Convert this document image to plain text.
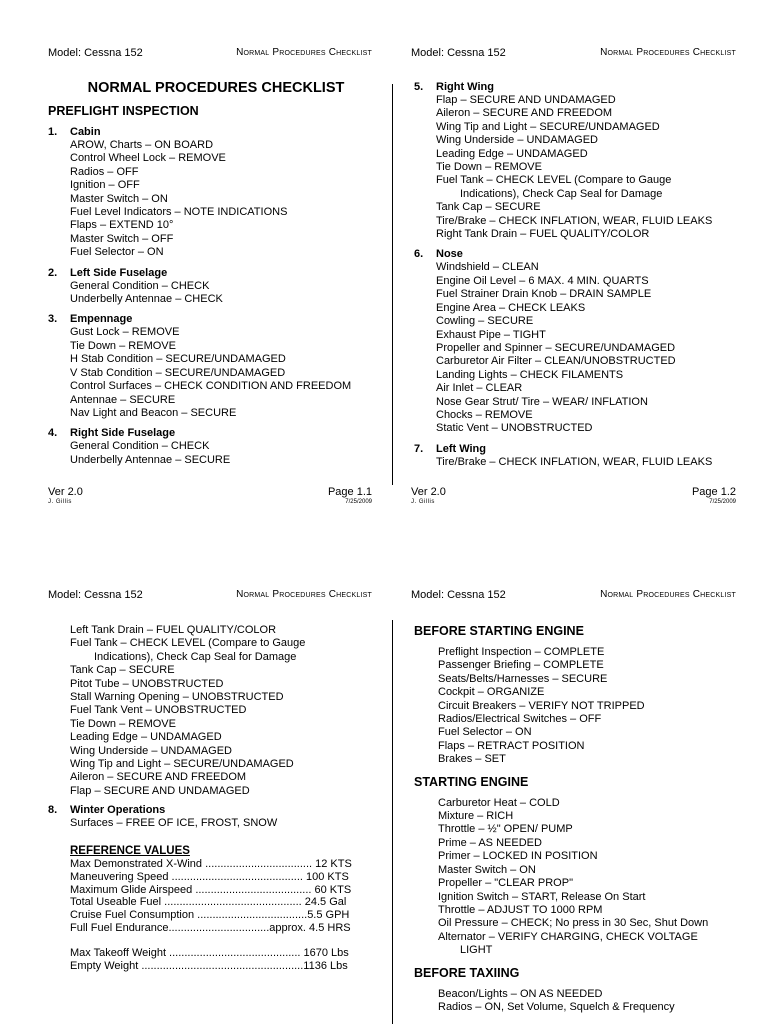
Model: Cessna 152	Normal Procedures Checklist
NORMAL PROCEDURES CHECKLIST
PREFLIGHT INSPECTION
1.	Cabin
AROW, Charts – ON BOARD
Control Wheel Lock – REMOVE
Radios – OFF
Ignition – OFF
Master Switch – ON
Fuel Level Indicators – NOTE INDICATIONS
Flaps – EXTEND 10°
Master Switch – OFF
Fuel Selector – ON
2.	Left Side Fuselage
General Condition – CHECK
Underbelly Antennae – CHECK
3.	Empennage
Gust Lock – REMOVE
Tie Down – REMOVE
H Stab Condition – SECURE/UNDAMAGED
V Stab Condition – SECURE/UNDAMAGED
Control Surfaces – CHECK CONDITION AND FREEDOM
Antennae – SECURE
Nav Light and Beacon – SECURE
4.	Right Side Fuselage
General Condition – CHECK
Underbelly Antennae – SECURE
Ver 2.0
J. Gillis
Page 1.1
7/25/2009
Model: Cessna 152	Normal Procedures Checklist
5.	Right Wing
Flap – SECURE AND UNDAMAGED
Aileron – SECURE AND FREEDOM
Wing Tip and Light – SECURE/UNDAMAGED
Wing Underside – UNDAMAGED
Leading Edge – UNDAMAGED
Tie Down – REMOVE
Fuel Tank – CHECK LEVEL (Compare to Gauge
Indications), Check Cap Seal for Damage
Tank Cap – SECURE
Tire/Brake – CHECK INFLATION, WEAR, FLUID LEAKS
Right Tank Drain – FUEL QUALITY/COLOR
6.	Nose
Windshield – CLEAN
Engine Oil Level – 6 MAX. 4 MIN. QUARTS
Fuel Strainer Drain Knob – DRAIN SAMPLE
Engine Area – CHECK LEAKS
Cowling – SECURE
Exhaust Pipe – TIGHT
Propeller and Spinner – SECURE/UNDAMAGED
Carburetor Air Filter – CLEAN/UNOBSTRUCTED
Landing Lights – CHECK FILAMENTS
Air Inlet – CLEAR
Nose Gear Strut/ Tire – WEAR/ INFLATION
Chocks – REMOVE
Static Vent – UNOBSTRUCTED
7.	Left Wing
Tire/Brake – CHECK INFLATION, WEAR, FLUID LEAKS
Ver 2.0
J. Gillis
Page 1.2
7/25/2009
Model: Cessna 152	Normal Procedures Checklist
Left Tank Drain – FUEL QUALITY/COLOR
Fuel Tank – CHECK LEVEL (Compare to Gauge
Indications), Check Cap Seal for Damage
Tank Cap – SECURE
Pitot Tube – UNOBSTRUCTED
Stall Warning Opening – UNOBSTRUCTED
Fuel Tank Vent – UNOBSTRUCTED
Tie Down – REMOVE
Leading Edge – UNDAMAGED
Wing Underside – UNDAMAGED
Wing Tip and Light – SECURE/UNDAMAGED
Aileron – SECURE AND FREEDOM
Flap – SECURE AND UNDAMAGED
8.	Winter Operations
Surfaces – FREE OF ICE, FROST, SNOW
REFERENCE VALUES
Max Demonstrated X-Wind ................................... 12 KTS
Maneuvering Speed ........................................... 100 KTS
Maximum Glide Airspeed ...................................... 60 KTS
Total Useable Fuel ............................................. 24.5 Gal
Cruise Fuel Consumption ....................................5.5 GPH
Full Fuel Endurance.................................approx. 4.5 HRS
Max Takeoff Weight ........................................... 1670 Lbs
Empty Weight .....................................................1136 Lbs
Model: Cessna 152	Normal Procedures Checklist
BEFORE STARTING ENGINE
Preflight Inspection – COMPLETE
Passenger Briefing – COMPLETE
Seats/Belts/Harnesses – SECURE
Cockpit – ORGANIZE
Circuit Breakers – VERIFY NOT TRIPPED
Radios/Electrical Switches – OFF
Fuel Selector – ON
Flaps – RETRACT POSITION
Brakes – SET
STARTING ENGINE
Carburetor Heat – COLD
Mixture – RICH
Throttle – ½" OPEN/ PUMP
Prime – AS NEEDED
Primer – LOCKED IN POSITION
Master Switch – ON
Propeller – "CLEAR PROP"
Ignition Switch – START, Release On Start
Throttle – ADJUST TO 1000 RPM
Oil Pressure – CHECK; No press in 30 Sec, Shut Down
Alternator – VERIFY CHARGING, CHECK VOLTAGE
LIGHT
BEFORE TAXIING
Beacon/Lights – ON AS NEEDED
Radios – ON, Set Volume, Squelch & Frequency
